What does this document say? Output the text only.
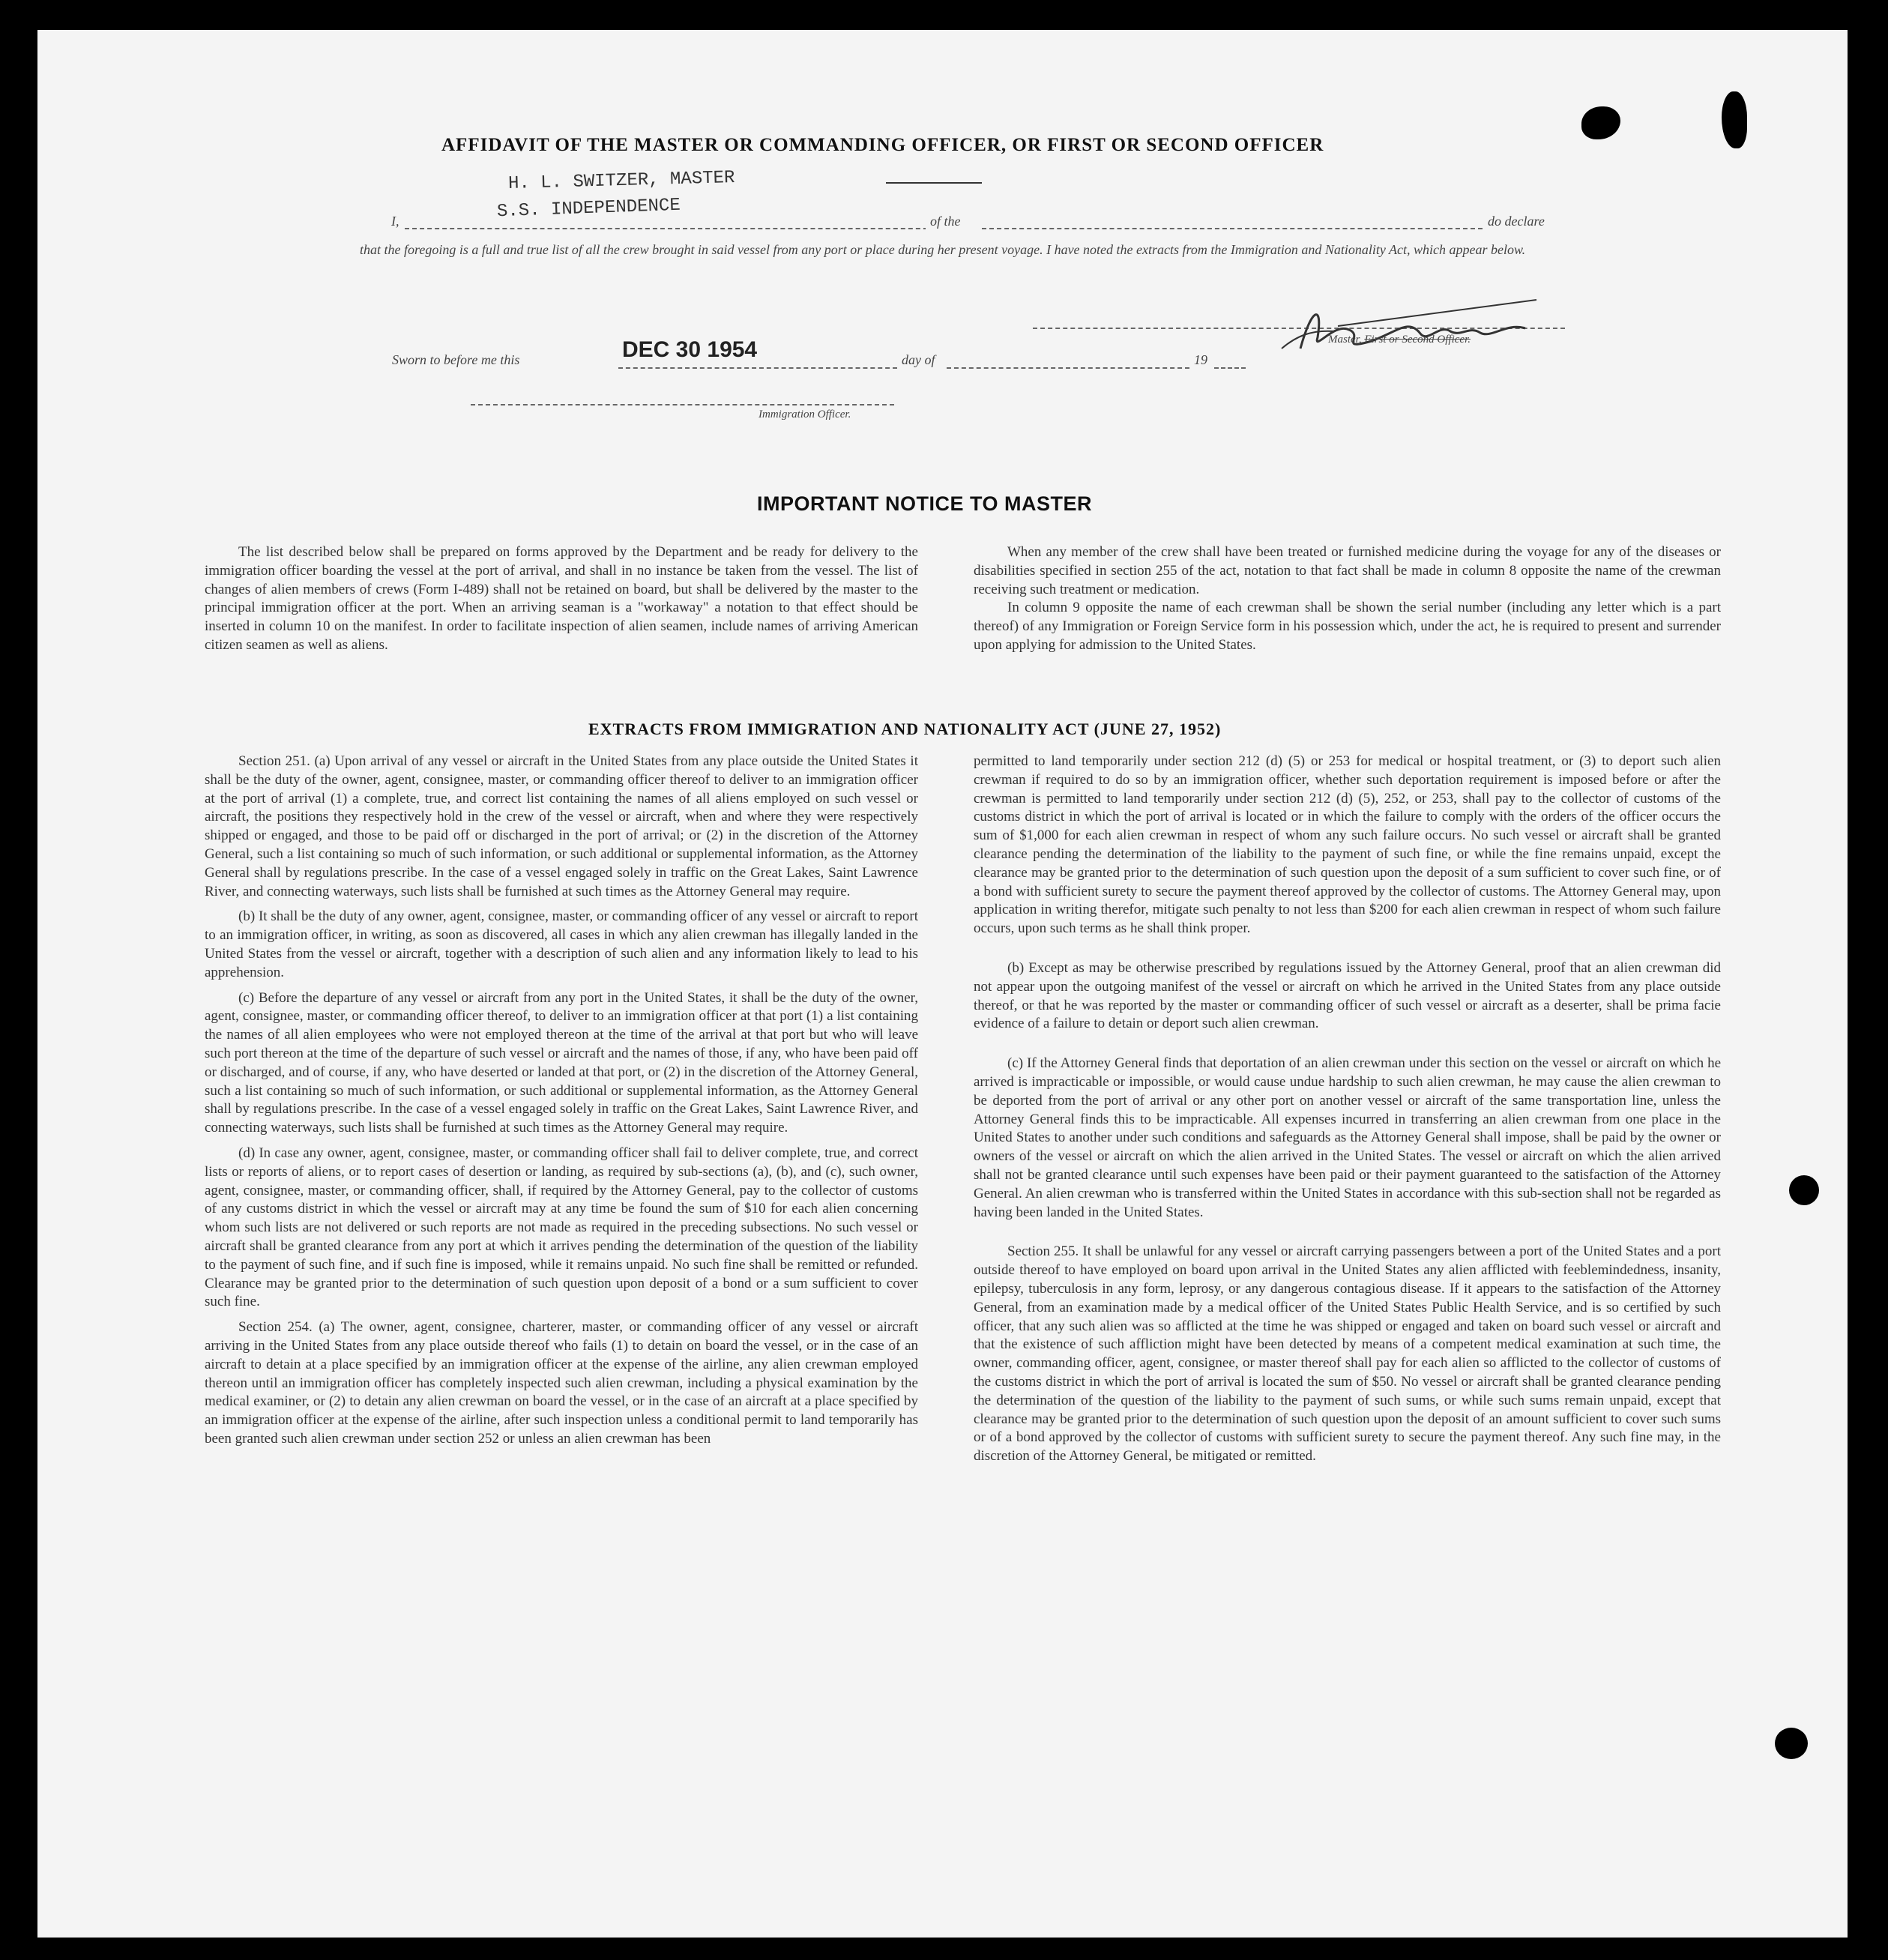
AFFIDAVIT OF THE MASTER OR COMMANDING OFFICER, OR FIRST OR SECOND OFFICER
H. L. SWITZER, MASTER
S.S. INDEPENDENCE
I,	of the	do declare
that the foregoing is a full and true list of all the crew brought in said vessel from any port or place during her present voyage. I have noted the extracts from the Immigration and Nationality Act, which appear below.
Master, First or Second Officer.
Sworn to before me this	DEC 30 1954	day of	19
Immigration Officer.
IMPORTANT NOTICE TO MASTER

The list described below shall be prepared on forms approved by the Department and be ready for delivery to the immigration officer boarding the vessel at the port of arrival, and shall in no instance be taken from the vessel. The list of changes of alien members of crews (Form I-489) shall not be retained on board, but shall be delivered by the master to the principal immigration officer at the port. When an arriving seaman is a "workaway" a notation to that effect should be inserted in column 10 on the manifest. In order to facilitate inspection of alien seamen, include names of arriving American citizen seamen as well as aliens.

When any member of the crew shall have been treated or furnished medicine during the voyage for any of the diseases or disabilities specified in section 255 of the act, notation to that fact shall be made in column 8 opposite the name of the crewman receiving such treatment or medication.

In column 9 opposite the name of each crewman shall be shown the serial number (including any letter which is a part thereof) of any Immigration or Foreign Service form in his possession which, under the act, he is required to present and surrender upon applying for admission to the United States.

EXTRACTS FROM IMMIGRATION AND NATIONALITY ACT (JUNE 27, 1952)

Section 251. (a) Upon arrival of any vessel or aircraft in the United States from any place outside the United States it shall be the duty of the owner, agent, consignee, master, or commanding officer thereof to deliver to an immigration officer at the port of arrival (1) a complete, true, and correct list containing the names of all aliens employed on such vessel or aircraft, the positions they respectively hold in the crew of the vessel or aircraft, when and where they were respectively shipped or engaged, and those to be paid off or discharged in the port of arrival; or (2) in the discretion of the Attorney General, such a list containing so much of such information, or such additional or supplemental information, as the Attorney General shall by regulations prescribe. In the case of a vessel engaged solely in traffic on the Great Lakes, Saint Lawrence River, and connecting waterways, such lists shall be furnished at such times as the Attorney General may require.

(b) It shall be the duty of any owner, agent, consignee, master, or commanding officer of any vessel or aircraft to report to an immigration officer, in writing, as soon as discovered, all cases in which any alien crewman has illegally landed in the United States from the vessel or aircraft, together with a description of such alien and any information likely to lead to his apprehension.

(c) Before the departure of any vessel or aircraft from any port in the United States, it shall be the duty of the owner, agent, consignee, master, or commanding officer thereof, to deliver to an immigration officer at that port (1) a list containing the names of all alien employees who were not employed thereon at the time of the arrival at that port but who will leave such port thereon at the time of the departure of such vessel or aircraft and the names of those, if any, who have been paid off or discharged, and of course, if any, who have deserted or landed at that port, or (2) in the discretion of the Attorney General, such a list containing so much of such information, or such additional or supplemental information, as the Attorney General shall by regulations prescribe. In the case of a vessel engaged solely in traffic on the Great Lakes, Saint Lawrence River, and connecting waterways, such lists shall be furnished at such times as the Attorney General may require.

(d) In case any owner, agent, consignee, master, or commanding officer shall fail to deliver complete, true, and correct lists or reports of aliens, or to report cases of desertion or landing, as required by sub-sections (a), (b), and (c), such owner, agent, consignee, master, or commanding officer, shall, if required by the Attorney General, pay to the collector of customs of any customs district in which the vessel or aircraft may at any time be found the sum of $10 for each alien concerning whom such lists are not delivered or such reports are not made as required in the preceding subsections. No such vessel or aircraft shall be granted clearance from any port at which it arrives pending the determination of the question of the liability to the payment of such fine, and if such fine is imposed, while it remains unpaid. No such fine shall be remitted or refunded. Clearance may be granted prior to the determination of such question upon deposit of a bond or a sum sufficient to cover such fine.

Section 254. (a) The owner, agent, consignee, charterer, master, or commanding officer of any vessel or aircraft arriving in the United States from any place outside thereof who fails (1) to detain on board the vessel, or in the case of an aircraft to detain at a place specified by an immigration officer at the expense of the airline, any alien crewman employed thereon until an immigration officer has completely inspected such alien crewman, including a physical examination by the medical examiner, or (2) to detain any alien crewman on board the vessel, or in the case of an aircraft at a place specified by an immigration officer at the expense of the airline, after such inspection unless a conditional permit to land temporarily has been granted such alien crewman under section 252 or unless an alien crewman has been

permitted to land temporarily under section 212 (d) (5) or 253 for medical or hospital treatment, or (3) to deport such alien crewman if required to do so by an immigration officer, whether such deportation requirement is imposed before or after the crewman is permitted to land temporarily under section 212 (d) (5), 252, or 253, shall pay to the collector of customs of the customs district in which the port of arrival is located or in which the failure to comply with the orders of the officer occurs the sum of $1,000 for each alien crewman in respect of whom any such failure occurs. No such vessel or aircraft shall be granted clearance pending the determination of the liability to the payment of such fine, or while the fine remains unpaid, except the clearance may be granted prior to the determination of such question upon the deposit of a sum sufficient to cover such fine, or of a bond with sufficient surety to secure the payment thereof approved by the collector of customs. The Attorney General may, upon application in writing therefor, mitigate such penalty to not less than $200 for each alien crewman in respect of whom such failure occurs, upon such terms as he shall think proper.

(b) Except as may be otherwise prescribed by regulations issued by the Attorney General, proof that an alien crewman did not appear upon the outgoing manifest of the vessel or aircraft on which he arrived in the United States from any place outside thereof, or that he was reported by the master or commanding officer of such vessel or aircraft as a deserter, shall be prima facie evidence of a failure to detain or deport such alien crewman.

(c) If the Attorney General finds that deportation of an alien crewman under this section on the vessel or aircraft on which he arrived is impracticable or impossible, or would cause undue hardship to such alien crewman, he may cause the alien crewman to be deported from the port of arrival or any other port on another vessel or aircraft of the same transportation line, unless the Attorney General finds this to be impracticable. All expenses incurred in transferring an alien crewman from one place in the United States to another under such conditions and safeguards as the Attorney General shall impose, shall be paid by the owner or owners of the vessel or aircraft on which the alien arrived in the United States. The vessel or aircraft on which the alien arrived shall not be granted clearance until such expenses have been paid or their payment guaranteed to the satisfaction of the Attorney General. An alien crewman who is transferred within the United States in accordance with this sub-section shall not be regarded as having been landed in the United States.

Section 255. It shall be unlawful for any vessel or aircraft carrying passengers between a port of the United States and a port outside thereof to have employed on board upon arrival in the United States any alien afflicted with feeblemindedness, insanity, epilepsy, tuberculosis in any form, leprosy, or any dangerous contagious disease. If it appears to the satisfaction of the Attorney General, from an examination made by a medical officer of the United States Public Health Service, and is so certified by such officer, that any such alien was so afflicted at the time he was shipped or engaged and taken on board such vessel or aircraft and that the existence of such affliction might have been detected by means of a competent medical examination at such time, the owner, commanding officer, agent, consignee, or master thereof shall pay for each alien so afflicted to the collector of customs of the customs district in which the port of arrival is located the sum of $50. No vessel or aircraft shall be granted clearance pending the determination of the question of the liability to the payment of such sums, or while such sums remain unpaid, except that clearance may be granted prior to the determination of such question upon the deposit of an amount sufficient to cover such sums or of a bond approved by the collector of customs with sufficient surety to secure the payment thereof. Any such fine may, in the discretion of the Attorney General, be mitigated or remitted.
